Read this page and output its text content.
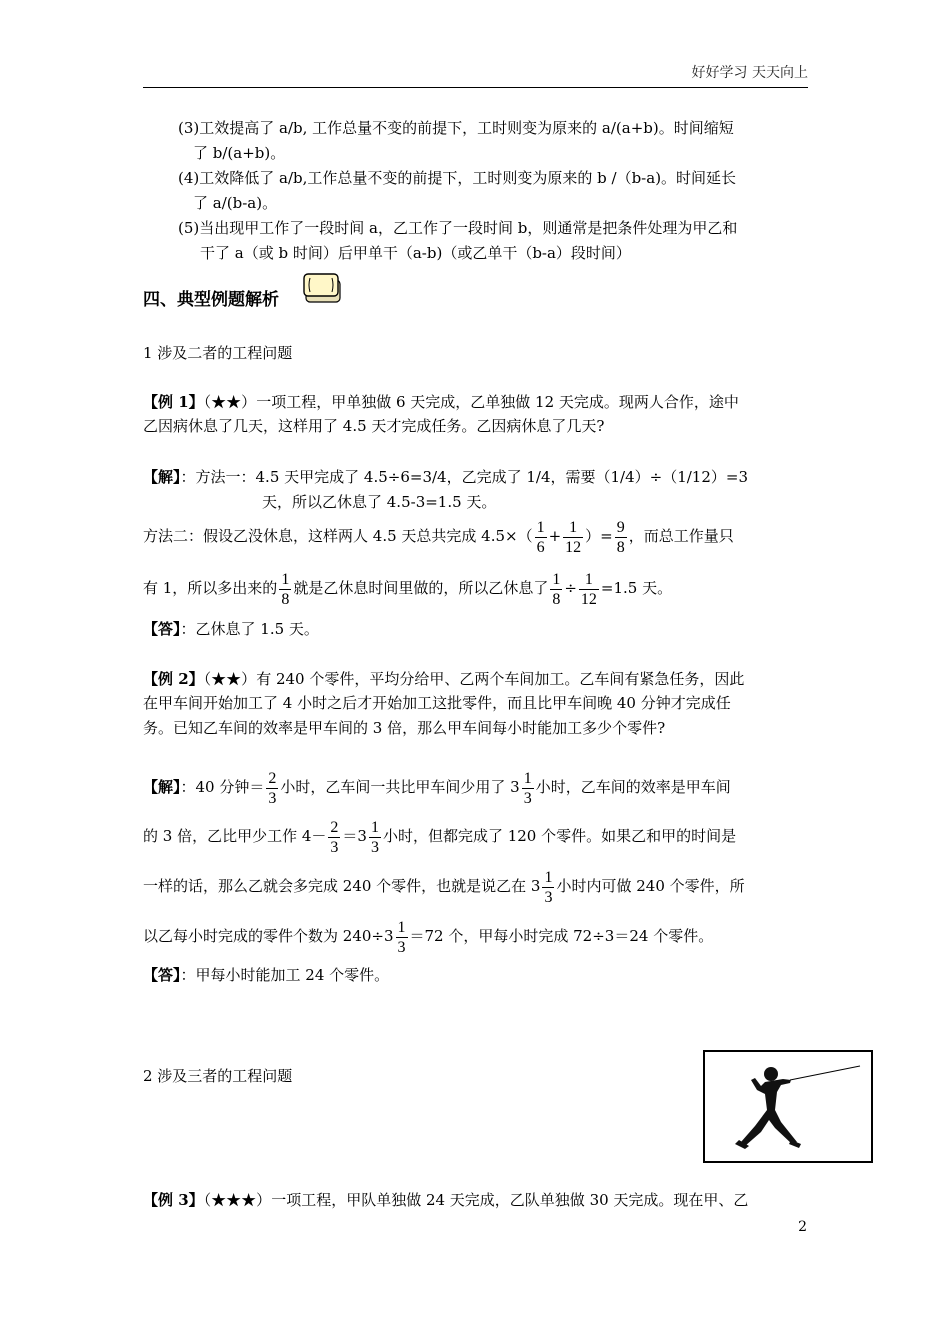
好好学习 天天向上
(3)工效提高了 a/b, 工作总量不变的前提下，工时则变为原来的 a/(a+b)。时间缩短
了 b/(a+b)。
(4)工效降低了 a/b,工作总量不变的前提下，工时则变为原来的 b /（b-a)。时间延长
了 a/(b-a)。
(5)当出现甲工作了一段时间 a，乙工作了一段时间 b，则通常是把条件处理为甲乙和
干了 a（或 b 时间）后甲单干（a-b)（或乙单干（b-a）段时间）
四、典型例题解析
1 涉及二者的工程问题
【例 1】（★★）一项工程，甲单独做 6 天完成，乙单独做 12 天完成。现两人合作，途中
乙因病休息了几天，这样用了 4.5 天才完成任务。乙因病休息了几天?
【解】：方法一：4.5 天甲完成了 4.5÷6=3/4，乙完成了 1/4，需要（1/4）÷（1/12）=3
天，所以乙休息了 4.5-3=1.5 天。
方法二：假设乙没休息，这样两人 4.5 天总共完成 $4.5\times( \frac{1}{6} + \frac{1}{12}$ ）= $\frac{9}{8}$ ，而总工作量只
有 1，所以多出来的 $\frac{1}{8}$ 就是乙休息时间里做的，所以乙休息了 $\frac{1}{8} \div \frac{1}{12} =1.5$ 天。
【答】：乙休息了 1.5 天。
【例 2】（★★）有 240 个零件，平均分给甲、乙两个车间加工。乙车间有紧急任务，因此
在甲车间开始加工了 4 小时之后才开始加工这批零件，而且比甲车间晚 40 分钟才完成任
务。已知乙车间的效率是甲车间的 3 倍，那么甲车间每小时能加工多少个零件?
【解】：40 分钟＝ $\frac{2}{3}$ 小时，乙车间一共比甲车间少用了 $3 \frac{1}{3}$ 小时，乙车间的效率是甲车间
的 3 倍，乙比甲少工作 $4- \frac{2}{3} =3 \frac{1}{3}$ 小时，但都完成了 120 个零件。如果乙和甲的时间是
一样的话，那么乙就会多完成 240 个零件，也就是说乙在 $3 \frac{1}{3}$ 小时内可做 240 个零件，所
以乙每小时完成的零件个数为 $240\div 3 \frac{1}{3} =72$ 个，甲每小时完成 72÷3＝24 个零件。
【答】：甲每小时能加工 24 个零件。
2 涉及三者的工程问题
【例 3】（★★★）一项工程，甲队单独做 24 天完成，乙队单独做 30 天完成。现在甲、乙
2
